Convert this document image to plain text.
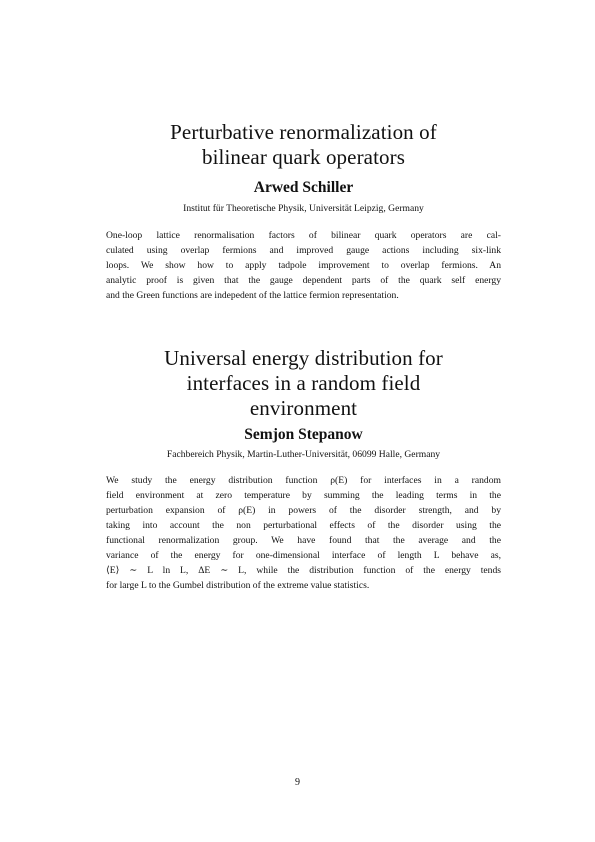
Perturbative renormalization of
bilinear quark operators

Arwed Schiller

Institut für Theoretische Physik, Universität Leipzig, Germany

One-loop lattice renormalisation factors of bilinear quark operators are cal-
culated using overlap fermions and improved gauge actions including six-link
loops. We show how to apply tadpole improvement to overlap fermions. An
analytic proof is given that the gauge dependent parts of the quark self energy
and the Green functions are indepedent of the lattice fermion representation.

Universal energy distribution for
interfaces in a random field
environment

Semjon Stepanow

Fachbereich Physik, Martin-Luther-Universität, 06099 Halle, Germany

We study the energy distribution function ρ(E) for interfaces in a random
field environment at zero temperature by summing the leading terms in the
perturbation expansion of ρ(E) in powers of the disorder strength, and by
taking into account the non perturbational effects of the disorder using the
functional renormalization group. We have found that the average and the
variance of the energy for one-dimensional interface of length L behave as,
⟨E⟩ ∼ L ln L, ΔE ∼ L, while the distribution function of the energy tends
for large L to the Gumbel distribution of the extreme value statistics.

9
